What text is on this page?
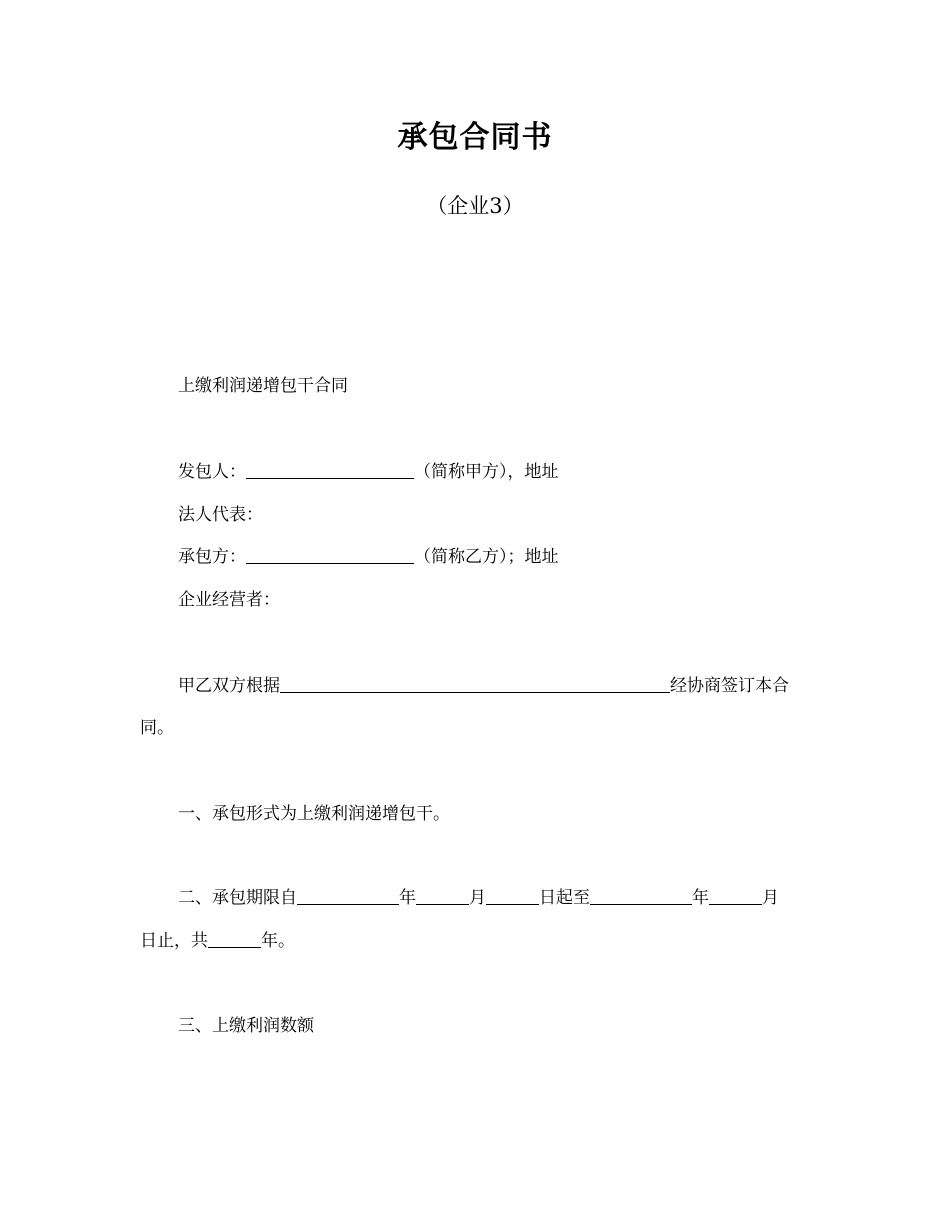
承包合同书

（企业3）

上缴利润递增包干合同

发包人：	（简称甲方），地址

法人代表：

承包方：	（简称乙方）；地址

企业经营者：

甲乙双方根据	经协商签订本合

同。

一、承包形式为上缴利润递增包干。

二、承包期限自	年	月	日起至	年	月

日止，共	年。

三、上缴利润数额
